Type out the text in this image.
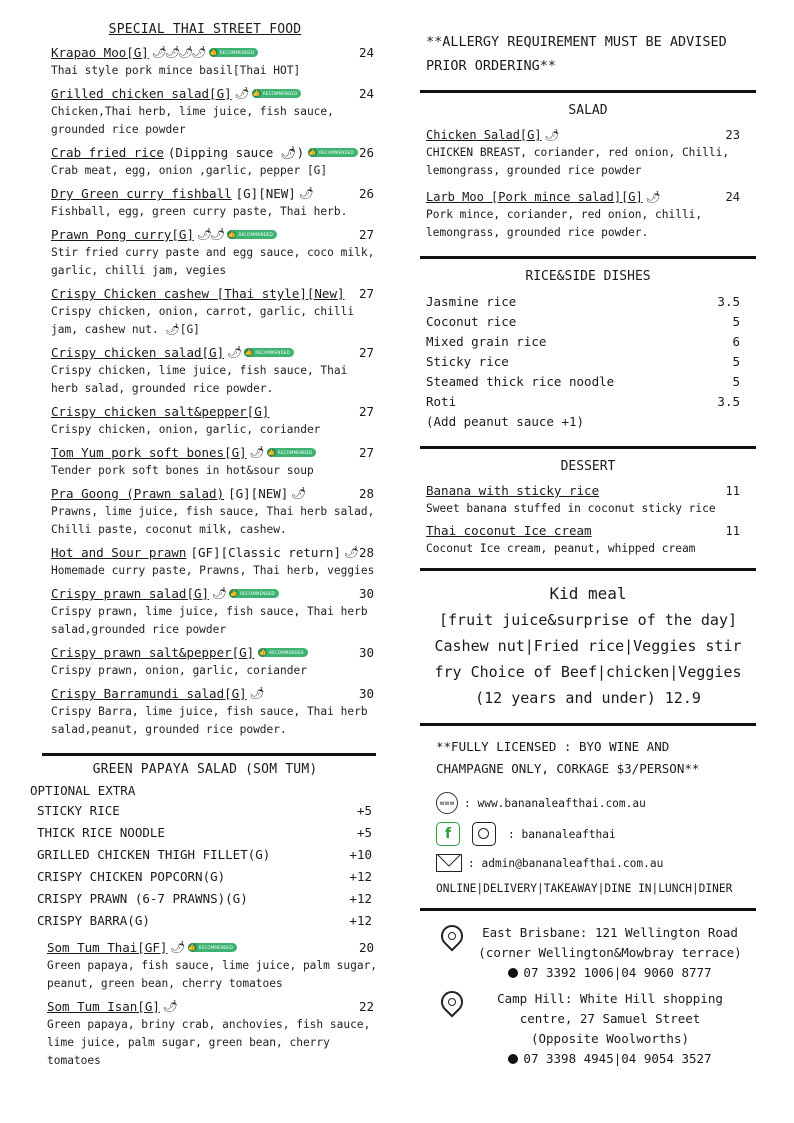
SPECIAL THAI STREET FOOD
Krapao Moo[G] 🌶🌶🌶🌶 👍 RECOMMENDED	24
Thai style pork mince basil[Thai HOT]
Grilled chicken salad[G] 🌶 👍 RECOMMENDED	24
Chicken,Thai herb, lime juice, fish sauce, grounded rice powder
Crab fried rice (Dipping sauce 🌶) 👍 RECOMMENDED 26
Crab meat, egg, onion ,garlic, pepper [G]
Dry Green curry fishball [G][NEW] 🌶	26
Fishball, egg, green curry paste, Thai herb.
Prawn Pong curry[G] 🌶🌶 👍 RECOMMENDED	27
Stir fried curry paste and egg sauce, coco milk, garlic, chilli jam, vegies
Crispy Chicken cashew [Thai style][New] 27
Crispy chicken, onion, carrot, garlic, chilli jam, cashew nut. 🌶[G]
Crispy chicken salad[G] 🌶 👍 RECOMMENDED	27
Crispy chicken, lime juice, fish sauce, Thai herb salad, grounded rice powder.
Crispy chicken salt&pepper[G]	27
Crispy chicken, onion, garlic, coriander
Tom Yum pork soft bones[G] 🌶 👍 RECOMMENDED	27
Tender pork soft bones in hot&sour soup
Pra Goong (Prawn salad) [G][NEW] 🌶	28
Prawns, lime juice, fish sauce, Thai herb salad, Chilli paste, coconut milk, cashew.
Hot and Sour prawn [GF][Classic return] 🌶 28
Homemade curry paste, Prawns, Thai herb, veggies
Crispy prawn salad[G] 🌶 👍 RECOMMENDED	30
Crispy prawn, lime juice, fish sauce, Thai herb salad,grounded rice powder
Crispy prawn salt&pepper[G] 👍 RECOMMENDED	30
Crispy prawn, onion, garlic, coriander
Crispy Barramundi salad[G] 🌶	30
Crispy Barra, lime juice, fish sauce, Thai herb salad,peanut, grounded rice powder.
GREEN PAPAYA SALAD (SOM TUM)
OPTIONAL EXTRA
STICKY RICE	+5
THICK RICE NOODLE	+5
GRILLED CHICKEN THIGH FILLET(G)	+10
CRISPY CHICKEN POPCORN(G)	+12
CRISPY PRAWN (6-7 PRAWNS)(G)	+12
CRISPY BARRA(G)	+12
Som Tum Thai[GF] 🌶 👍 RECOMMENDED	20
Green papaya, fish sauce, lime juice, palm sugar, peanut, green bean, cherry tomatoes
Som Tum Isan[G] 🌶	22
Green papaya, briny crab, anchovies, fish sauce, lime juice, palm sugar, green bean, cherry tomatoes
**ALLERGY REQUIREMENT MUST BE ADVISED PRIOR ORDERING**
SALAD
Chicken Salad[G] 🌶	23
CHICKEN BREAST, coriander, red onion, Chilli, lemongrass, grounded rice powder
Larb Moo [Pork mince salad][G] 🌶	24
Pork mince, coriander, red onion, chilli, lemongrass, grounded rice powder.
RICE&SIDE DISHES
Jasmine rice	3.5
Coconut rice	5
Mixed grain rice	6
Sticky rice	5
Steamed thick rice noodle	5
Roti	3.5
(Add peanut sauce +1)
DESSERT
Banana with sticky rice	11
Sweet banana stuffed in coconut sticky rice
Thai coconut Ice cream	11
Coconut Ice cream, peanut, whipped cream
Kid meal
[fruit juice&surprise of the day]
Cashew nut|Fried rice|Veggies stir
fry Choice of Beef|chicken|Veggies
(12 years and under) 12.9
**FULLY LICENSED : BYO WINE AND
CHAMPAGNE ONLY, CORKAGE $3/PERSON**
www : www.bananaleafthai.com.au
f	: bananaleafthai
: admin@bananaleafthai.com.au
ONLINE|DELIVERY|TAKEAWAY|DINE IN|LUNCH|DINER
East Brisbane: 121 Wellington Road
(corner Wellington&Mowbray terrace)
07 3392 1006|04 9060 8777
Camp Hill: White Hill shopping
centre, 27 Samuel Street
(Opposite Woolworths)
07 3398 4945|04 9054 3527
